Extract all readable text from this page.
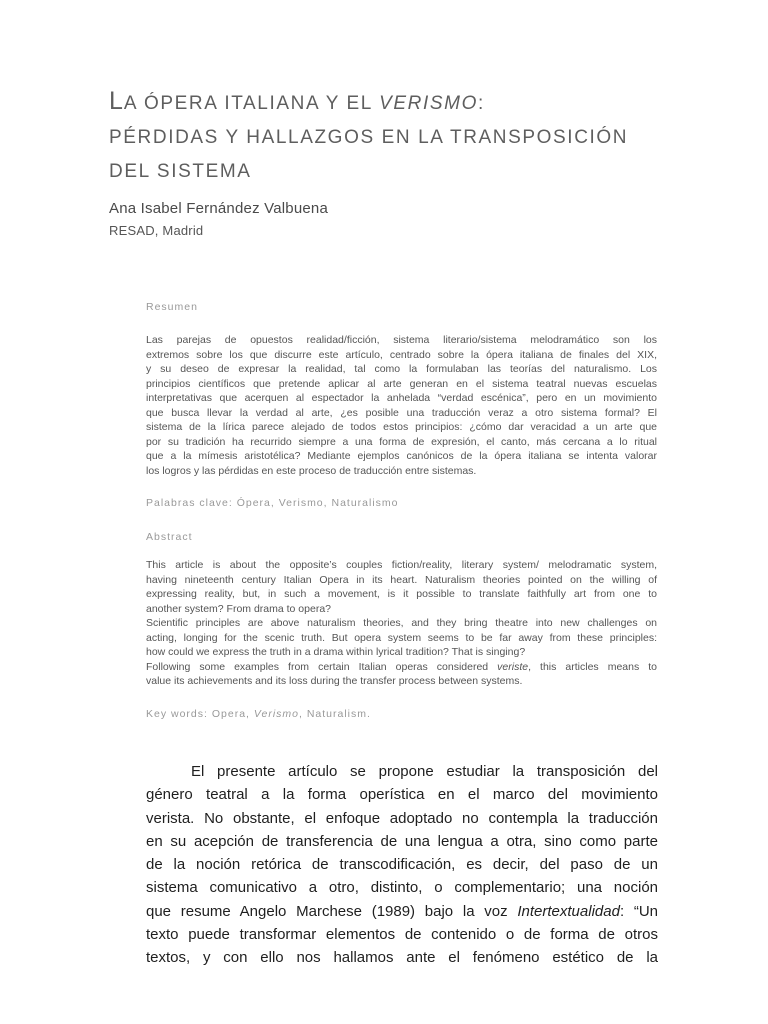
LA ÓPERA ITALIANA Y EL VERISMO:
PÉRDIDAS Y HALLAZGOS EN LA TRANSPOSICIÓN
DEL SISTEMA
Ana Isabel Fernández Valbuena
RESAD, Madrid
Resumen
Las parejas de opuestos realidad/ficción, sistema literario/sistema melodramático son los
extremos sobre los que discurre este artículo, centrado sobre la ópera italiana de finales del XIX,
y su deseo de expresar la realidad, tal como la formulaban las teorías del naturalismo. Los
principios científicos que pretende aplicar al arte generan en el sistema teatral nuevas escuelas
interpretativas que acerquen al espectador la anhelada “verdad escénica”, pero en un movimiento
que busca llevar la verdad al arte, ¿es posible una traducción veraz a otro sistema formal? El
sistema de la lírica parece alejado de todos estos principios: ¿cómo dar veracidad a un arte que
por su tradición ha recurrido siempre a una forma de expresión, el canto, más cercana a lo ritual
que a la mímesis aristotélica? Mediante ejemplos canónicos de la ópera italiana se intenta valorar
los logros y las pérdidas en este proceso de traducción entre sistemas.
Palabras clave: Ópera, Verismo, Naturalismo
Abstract
This article is about the opposite’s couples fiction/reality, literary system/ melodramatic system,
having nineteenth century Italian Opera in its heart. Naturalism theories pointed on the willing of
expressing reality, but, in such a movement, is it possible to translate faithfully art from one to
another system? From drama to opera?
Scientific principles are above naturalism theories, and they bring theatre into new challenges on
acting, longing for the scenic truth. But opera system seems to be far away from these principles:
how could we express the truth in a drama within lyrical tradition? That is singing?
Following some examples from certain Italian operas considered veriste, this articles means to
value its achievements and its loss during the transfer process between systems.
Key words: Opera, Verismo, Naturalism.
El presente artículo se propone estudiar la transposición del
género teatral a la forma operística en el marco del movimiento
verista. No obstante, el enfoque adoptado no contempla la traducción
en su acepción de transferencia de una lengua a otra, sino como parte
de la noción retórica de transcodificación, es decir, del paso de un
sistema comunicativo a otro, distinto, o complementario; una noción
que resume Angelo Marchese (1989) bajo la voz Intertextualidad: “Un
texto puede transformar elementos de contenido o de forma de otros
textos, y con ello nos hallamos ante el fenómeno estético de la
